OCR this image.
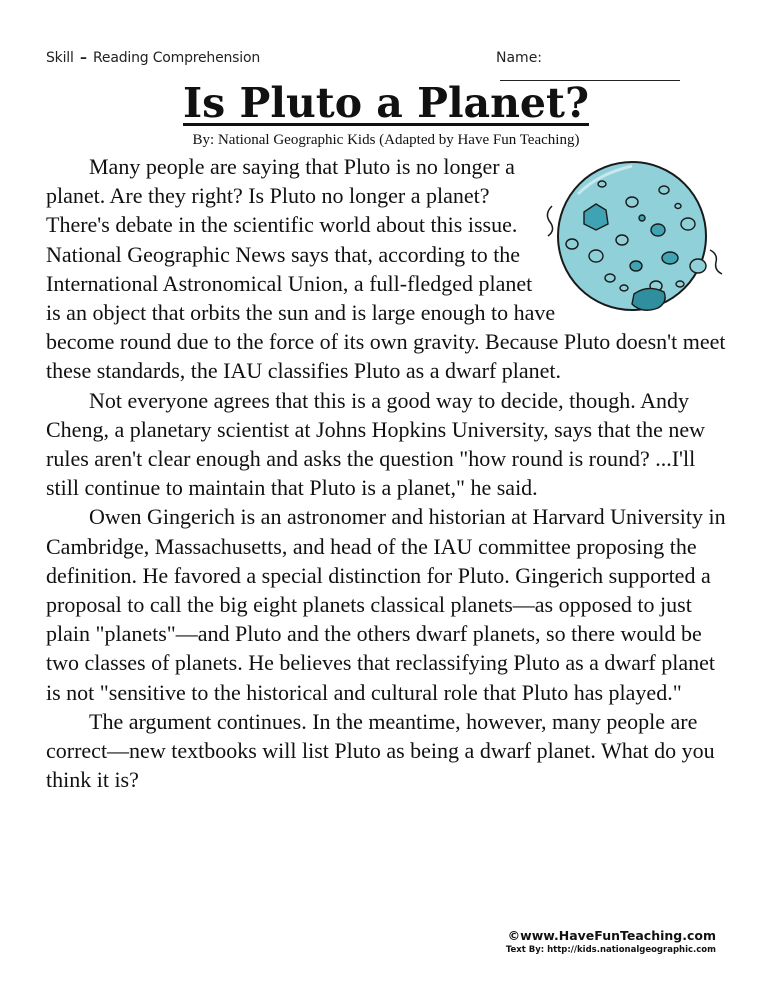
Skill – Reading Comprehension	Name:
Is Pluto a Planet?
By: National Geographic Kids (Adapted by Have Fun Teaching)

Many people are saying that Pluto is no longer a planet. Are they right? Is Pluto no longer a planet? There's debate in the scientific world about this issue. National Geographic News says that, according to the International Astronomical Union, a full-fledged planet is an object that orbits the sun and is large enough to have become round due to the force of its own gravity. Because Pluto doesn't meet these standards, the IAU classifies Pluto as a dwarf planet.

Not everyone agrees that this is a good way to decide, though. Andy Cheng, a planetary scientist at Johns Hopkins University, says that the new rules aren't clear enough and asks the question "how round is round? ...I'll still continue to maintain that Pluto is a planet," he said.

Owen Gingerich is an astronomer and historian at Harvard University in Cambridge, Massachusetts, and head of the IAU committee proposing the definition. He favored a special distinction for Pluto. Gingerich supported a proposal to call the big eight planets classical planets—as opposed to just plain "planets"—and Pluto and the others dwarf planets, so there would be two classes of planets. He believes that reclassifying Pluto as a dwarf planet is not "sensitive to the historical and cultural role that Pluto has played."

The argument continues. In the meantime, however, many people are correct—new textbooks will list Pluto as being a dwarf planet. What do you think it is?

©www.HaveFunTeaching.com
Text By: http://kids.nationalgeographic.com
